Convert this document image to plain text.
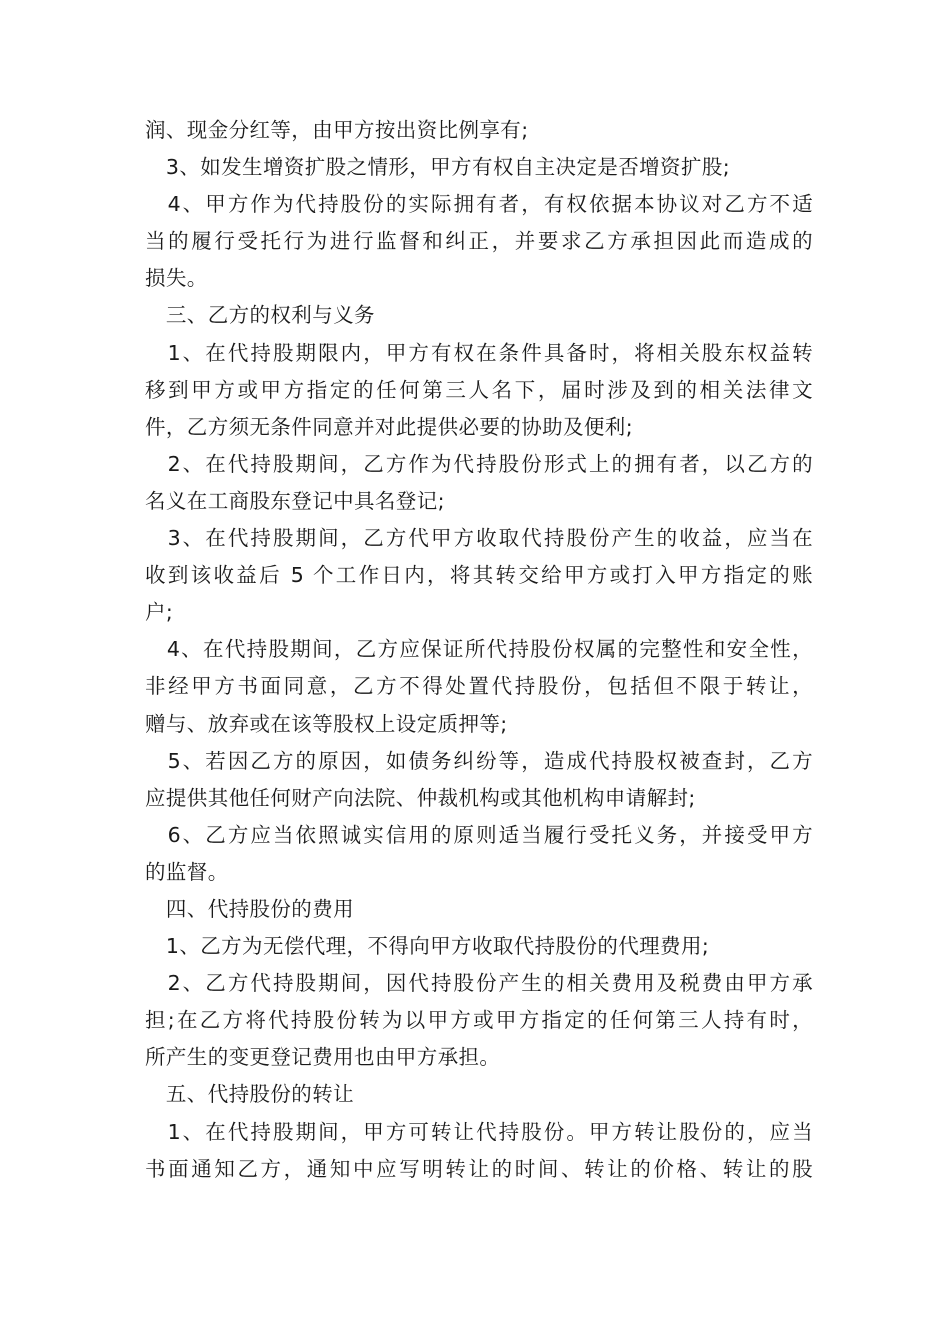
润、现金分红等，由甲方按出资比例享有;
　3、如发生增资扩股之情形，甲方有权自主决定是否增资扩股;
　4、甲方作为代持股份的实际拥有者，有权依据本协议对乙方不适
当的履行受托行为进行监督和纠正，并要求乙方承担因此而造成的
损失。
　三、乙方的权利与义务
　1、在代持股期限内，甲方有权在条件具备时，将相关股东权益转
移到甲方或甲方指定的任何第三人名下，届时涉及到的相关法律文
件，乙方须无条件同意并对此提供必要的协助及便利;
　2、在代持股期间，乙方作为代持股份形式上的拥有者，以乙方的
名义在工商股东登记中具名登记;
　3、在代持股期间，乙方代甲方收取代持股份产生的收益，应当在
收到该收益后 5 个工作日内，将其转交给甲方或打入甲方指定的账
户;
　4、在代持股期间，乙方应保证所代持股份权属的完整性和安全性，
非经甲方书面同意，乙方不得处置代持股份，包括但不限于转让，
赠与、放弃或在该等股权上设定质押等;
　5、若因乙方的原因，如债务纠纷等，造成代持股权被查封，乙方
应提供其他任何财产向法院、仲裁机构或其他机构申请解封;
　6、乙方应当依照诚实信用的原则适当履行受托义务，并接受甲方
的监督。
　四、代持股份的费用
　1、乙方为无偿代理，不得向甲方收取代持股份的代理费用;
　2、乙方代持股期间，因代持股份产生的相关费用及税费由甲方承
担;在乙方将代持股份转为以甲方或甲方指定的任何第三人持有时，
所产生的变更登记费用也由甲方承担。
　五、代持股份的转让
　1、在代持股期间，甲方可转让代持股份。甲方转让股份的，应当
书面通知乙方，通知中应写明转让的时间、转让的价格、转让的股
